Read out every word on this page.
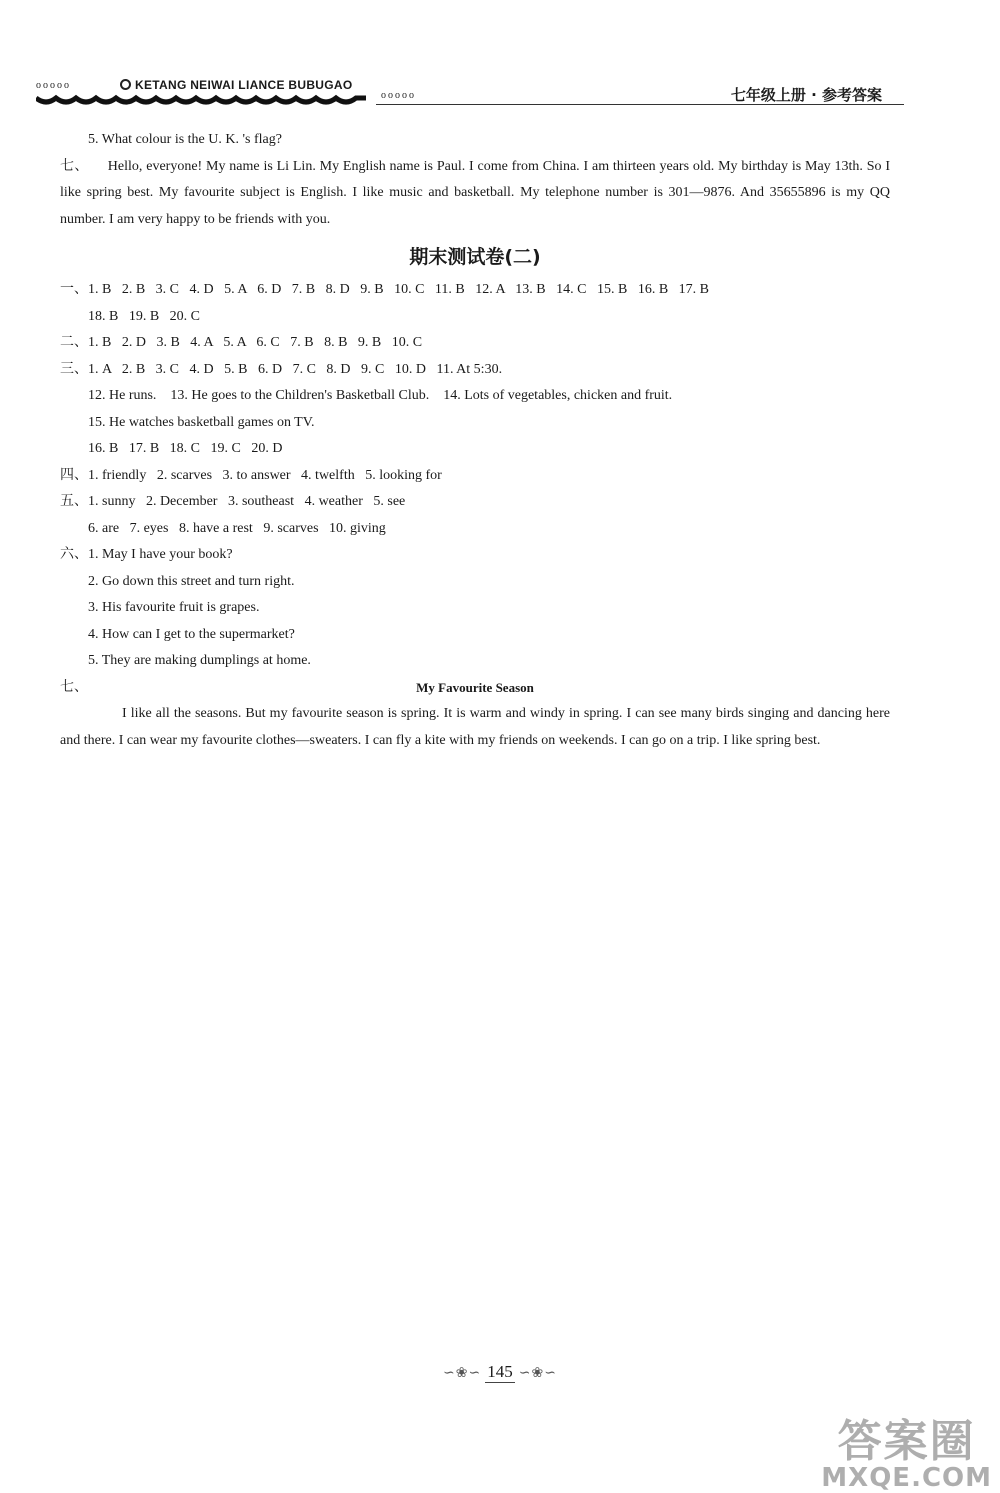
ooooo	KETANG NEIWAI LIANCE BUBUGAO
ooooo	七年级上册 · 参考答案
5. What colour is the U. K. 's flag?
七、 Hello, everyone! My name is Li Lin. My English name is Paul. I come from China. I am thirteen years old. My birthday is May 13th. So I like spring best. My favourite subject is English. I like music and basketball. My telephone number is 301—9876. And 35655896 is my QQ number. I am very happy to be friends with you.
期末测试卷(二)
一、1. B   2. B   3. C   4. D   5. A   6. D   7. B   8. D   9. B   10. C   11. B   12. A   13. B   14. C   15. B   16. B   17. B
18. B   19. B   20. C
二、1. B   2. D   3. B   4. A   5. A   6. C   7. B   8. B   9. B   10. C
三、1. A   2. B   3. C   4. D   5. B   6. D   7. C   8. D   9. C   10. D   11. At 5:30.
12. He runs.    13. He goes to the Children's Basketball Club.    14. Lots of vegetables, chicken and fruit.
15. He watches basketball games on TV.
16. B   17. B   18. C   19. C   20. D
四、1. friendly   2. scarves   3. to answer   4. twelfth   5. looking for
五、1. sunny   2. December   3. southeast   4. weather   5. see
6. are   7. eyes   8. have a rest   9. scarves   10. giving
六、1. May I have your book?
2. Go down this street and turn right.
3. His favourite fruit is grapes.
4. How can I get to the supermarket?
5. They are making dumplings at home.
七、	My Favourite Season
I like all the seasons. But my favourite season is spring. It is warm and windy in spring. I can see many birds singing and dancing here and there. I can wear my favourite clothes—sweaters. I can fly a kite with my friends on weekends. I can go on a trip. I like spring best.
∽❀∽ 145 ∽❀∽
答案圈
MXQE.COM
